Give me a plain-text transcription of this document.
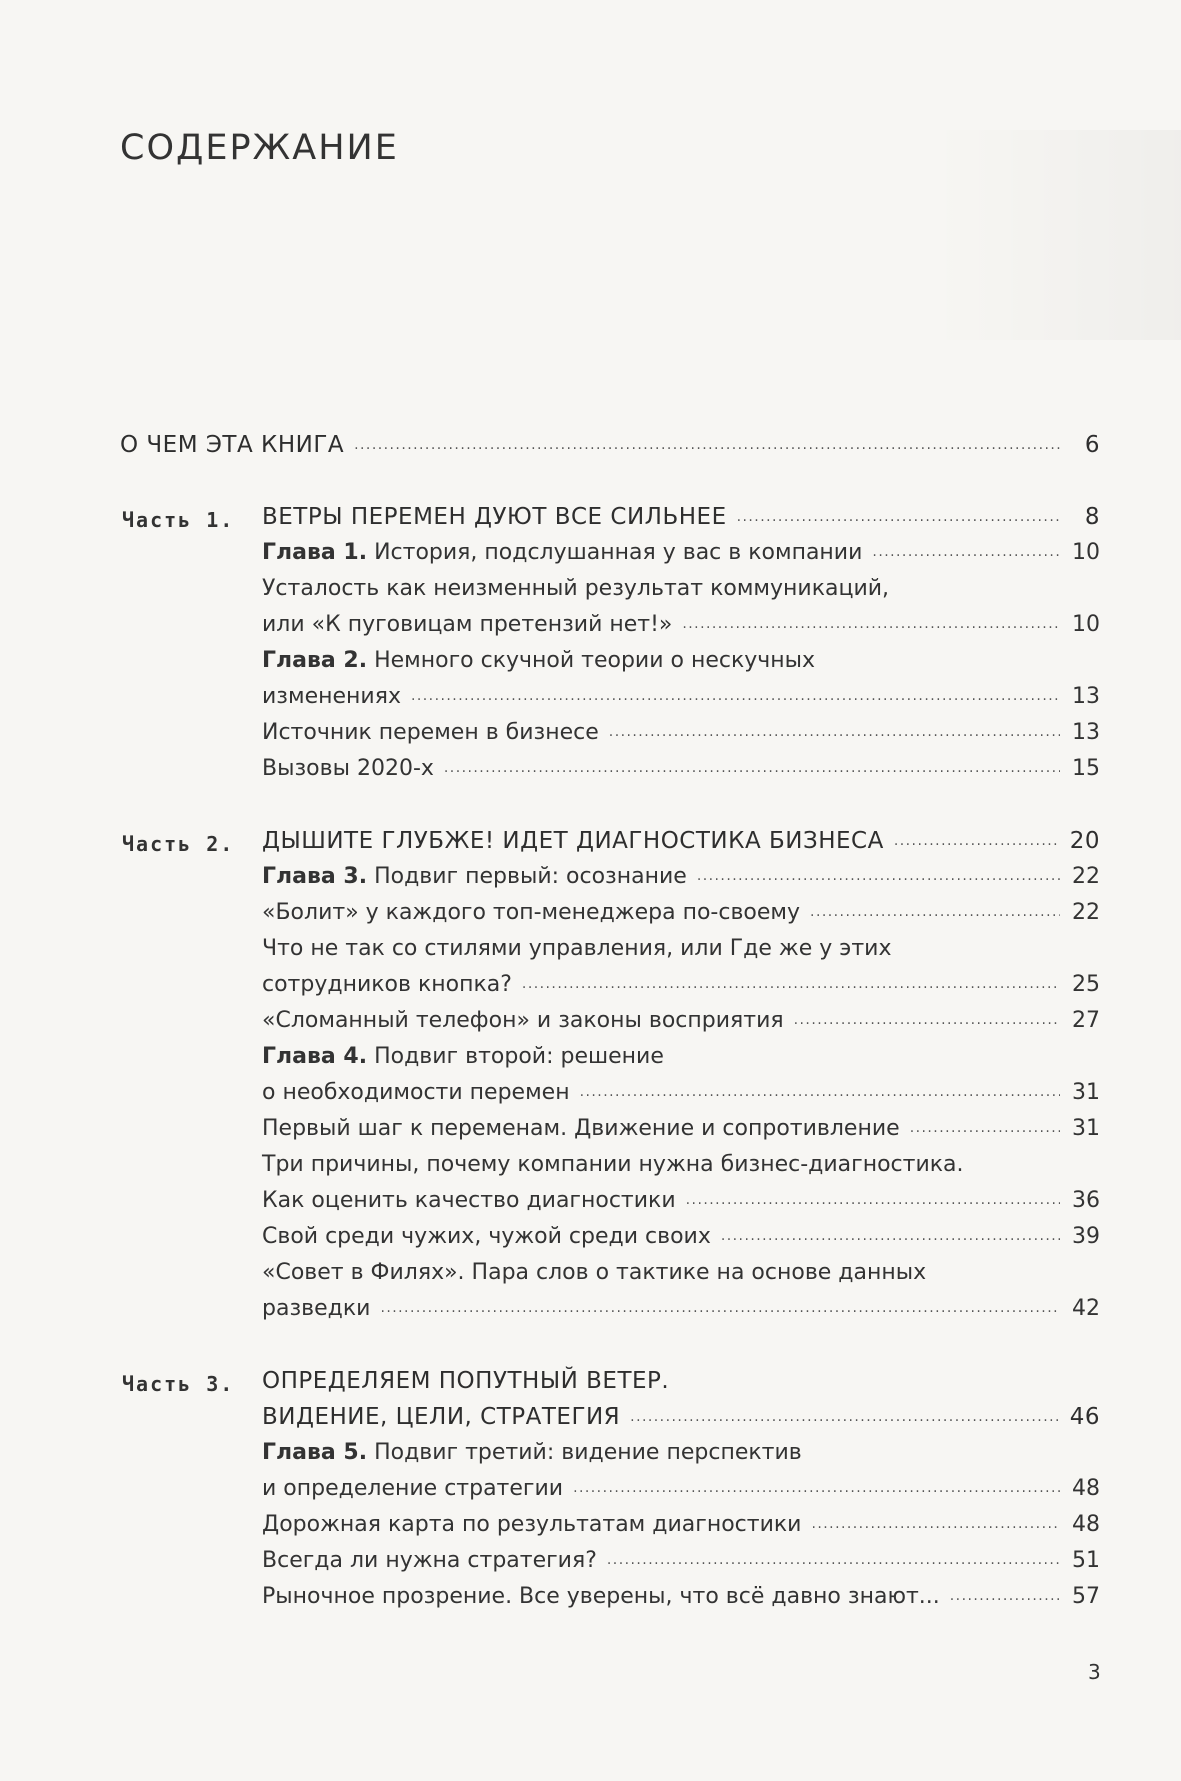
СОДЕРЖАНИЕ
О ЧЕМ ЭТА КНИГА . . .	6
Часть 1.	ВЕТРЫ ПЕРЕМЕН ДУЮТ ВСЕ СИЛЬНЕЕ . . .	8
Глава 1. История, подслушанная у вас в компании . . .	10
Усталость как неизменный результат коммуникаций,
или «К пуговицам претензий нет!» . . .	10
Глава 2. Немного скучной теории о нескучных
изменениях . . .	13
Источник перемен в бизнесе . . .	13
Вызовы 2020-х . . .	15
Часть 2.	ДЫШИТЕ ГЛУБЖЕ! ИДЕТ ДИАГНОСТИКА БИЗНЕСА . . .	20
Глава 3. Подвиг первый: осознание . . .	22
«Болит» у каждого топ-менеджера по-своему . . .	22
Что не так со стилями управления, или Где же у этих
сотрудников кнопка? . . .	25
«Сломанный телефон» и законы восприятия . . .	27
Глава 4. Подвиг второй: решение
о необходимости перемен . . .	31
Первый шаг к переменам. Движение и сопротивление . . .	31
Три причины, почему компании нужна бизнес-диагностика.
Как оценить качество диагностики . . .	36
Свой среди чужих, чужой среди своих . . .	39
«Совет в Филях». Пара слов о тактике на основе данных
разведки . . .	42
Часть 3.	ОПРЕДЕЛЯЕМ ПОПУТНЫЙ ВЕТЕР.
ВИДЕНИЕ, ЦЕЛИ, СТРАТЕГИЯ . . .	46
Глава 5. Подвиг третий: видение перспектив
и определение стратегии . . .	48
Дорожная карта по результатам диагностики . . .	48
Всегда ли нужна стратегия? . . .	51
Рыночное прозрение. Все уверены, что всё давно знают... . . .	57
3
